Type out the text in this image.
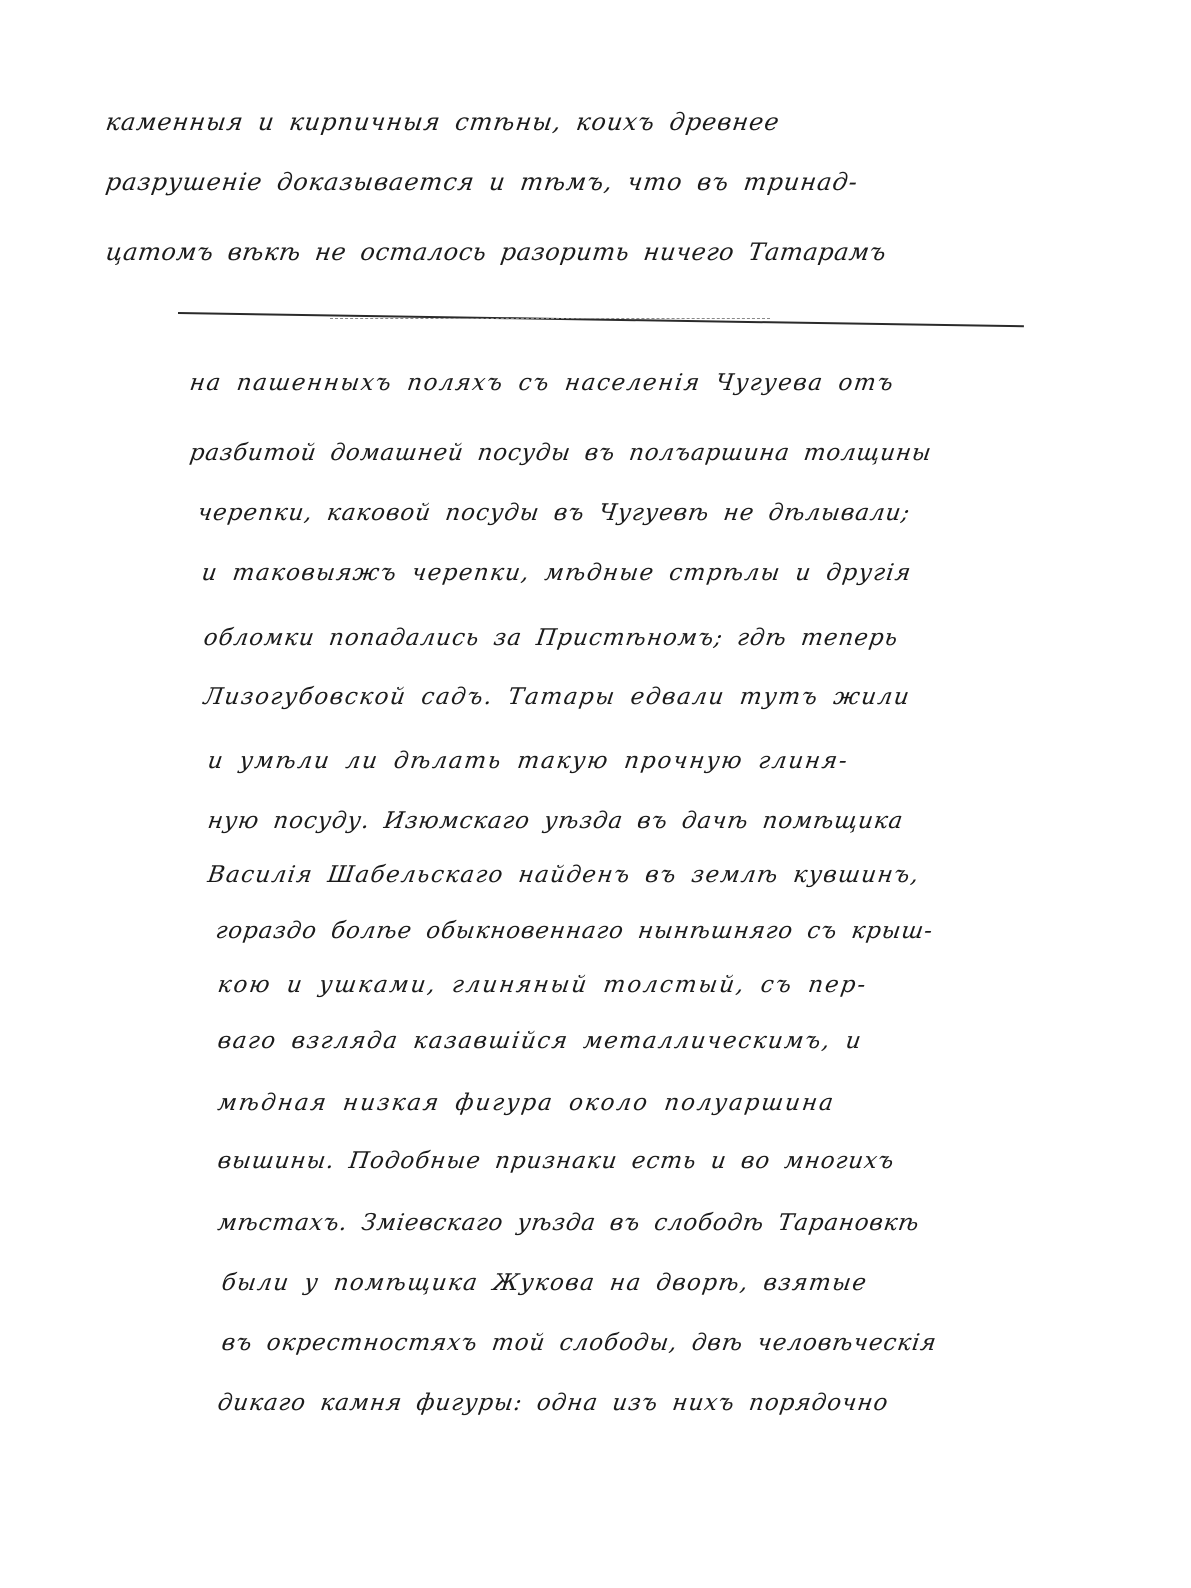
каменныя и кирпичныя стѣны, коихъ древнее
разрушеніе доказывается и тѣмъ, что въ тринад-
цатомъ вѣкѣ не осталось разорить ничего Татарамъ
на пашенныхъ поляхъ съ населенія Чугуева отъ
разбитой домашней посуды въ полъаршина толщины
черепки, каковой посуды въ Чугуевѣ не дѣлывали;
и таковыяжъ черепки, мѣдные стрѣлы и другія
обломки попадались за Пристѣномъ; гдѣ теперь
Лизогубовской садъ. Татары едвали тутъ жили
и умѣли ли дѣлать такую прочную глиня-
ную посуду. Изюмскаго уѣзда въ дачѣ помѣщика
Василія Шабельскаго найденъ въ землѣ кувшинъ,
гораздо болѣе обыкновеннаго нынѣшняго съ крыш-
кою и ушками, глиняный толстый, съ пер-
ваго взгляда казавшійся металлическимъ, и
мѣдная низкая фигура около полуаршина
вышины. Подобные признаки есть и во многихъ
мѣстахъ. Змiевскаго уѣзда въ слободѣ Тарановкѣ
были у помѣщика Жукова на дворѣ, взятые
въ окрестностяхъ той слободы, двѣ человѣческія
дикаго камня фигуры: одна изъ нихъ порядочно
